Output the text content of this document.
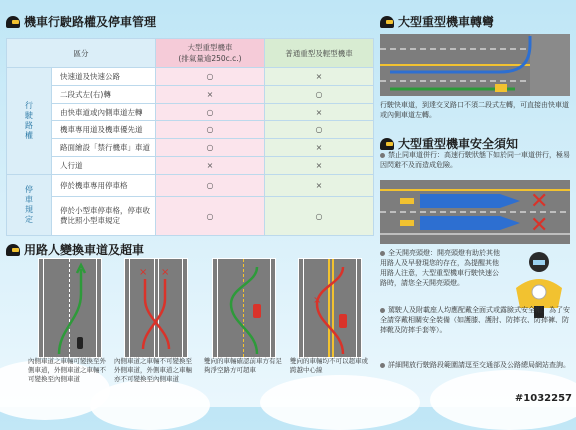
機車行駛路權及停車管理
區分		大型重型機車
(排氣量逾250c.c.)	普通重型及輕型機車
行駛路權	快速道及快速公路	○	×
	二段式左(右)轉	×	○
	由快車道或內側車道左轉	○	×
	機車專用道及機車優先道	○	○
	路面繪設「禁行機車」車道	○	×
	人行道	×	×
停車規定	停於機車專用停車格	○	×
	停於小型車停車格，停車收費比照小型車規定	○	○
用路人變換車道及超車
× ×
×
內側車道之車輛可變換至外側車道，外側車道之車輛不可變換至內側車道
內側車道之車輛不可變換至外側車道，外側車道之車輛亦不可變換至內側車道
雙向的車輛確認前車方有足夠淨空路方可超車
雙向的車輛均不可以超車或跨越中心線
大型重型機車轉彎
行駛快車道，到達交叉路口不須二段式左轉，可直接由快車道或內側車道左轉。
大型重型機車安全須知
禁止同車道併行：高速行駛狀態下如於同一車道併行，極易因閃避不及而造成危險。
✕
✕
全天開亮頭燈：開亮頭燈有助於其他用路人及早發現您的存在，為提醒其他用路人注意，大型重型機車行駛快速公路時，請您全天開亮頭燈。
駕駛人及附載座人均應配戴全面式或露臉式安全帽，為了安全請穿戴相關安全裝備（如護膝、護肘、防摔衣、防摔褲、防摔靴及防摔手套等）。
詳細開放行駛路段範圍請逕至交通部及公路總局網站查詢。
#1032257
